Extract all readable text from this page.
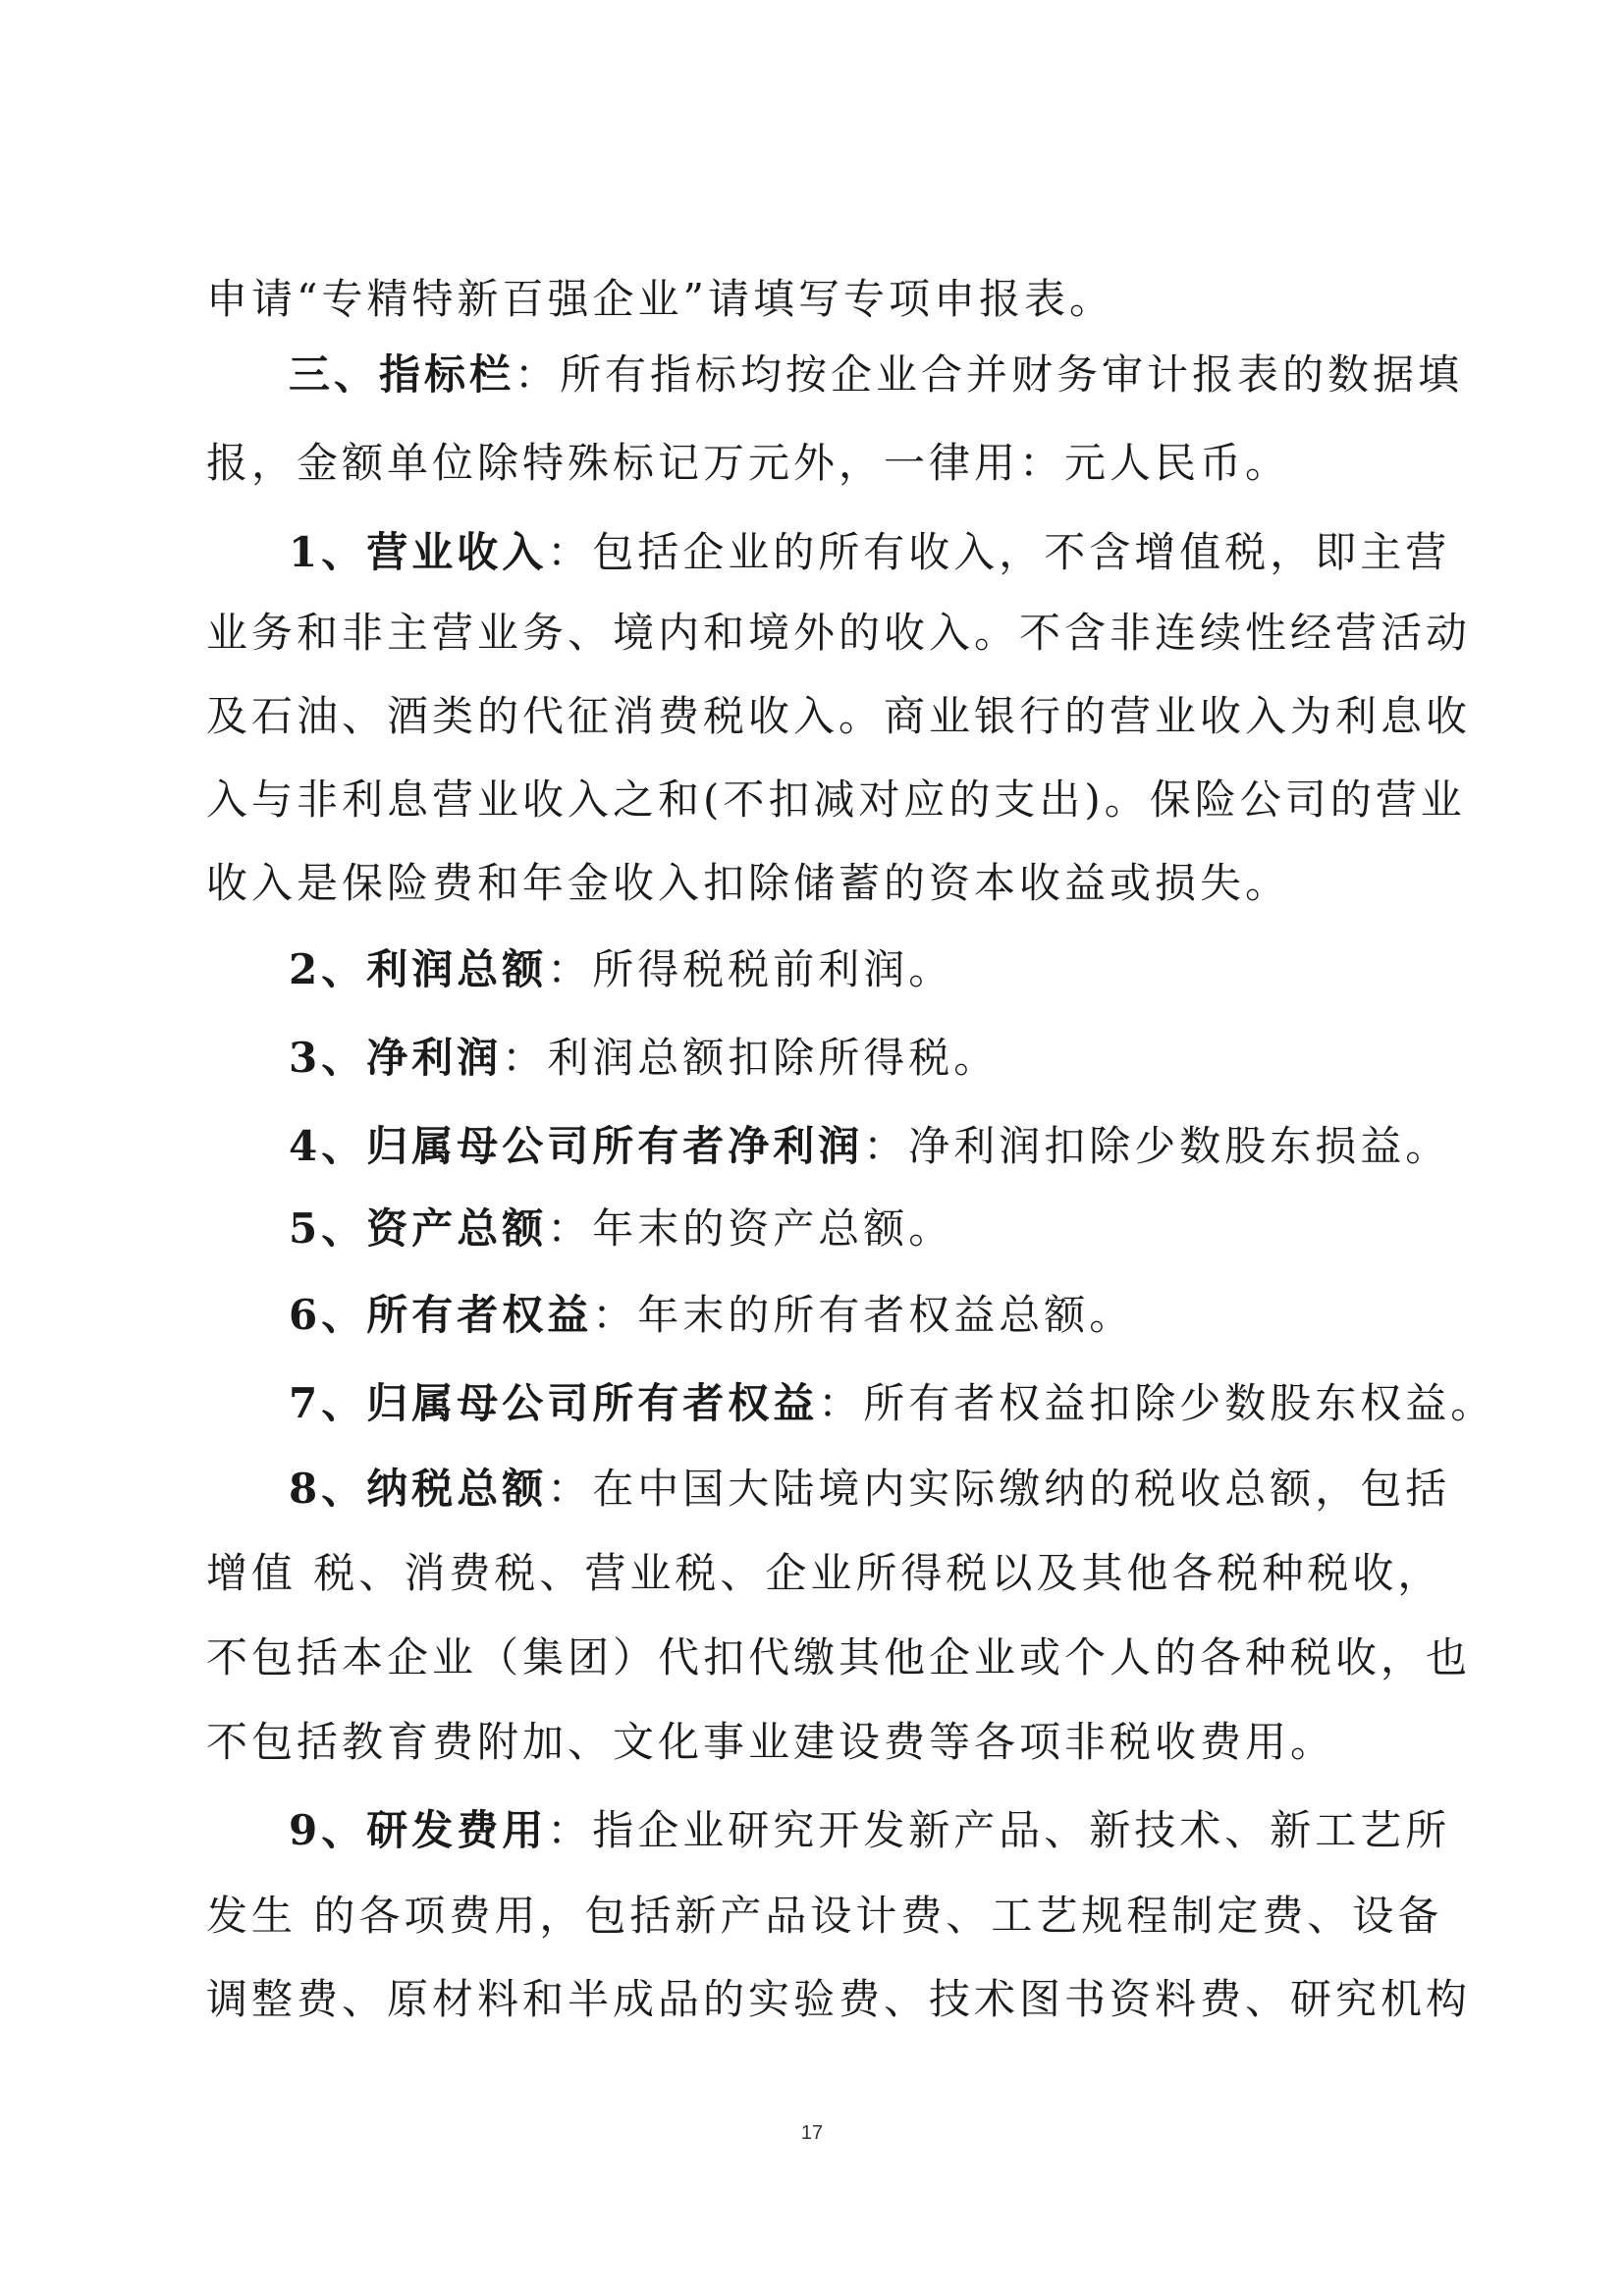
申请“专精特新百强企业”请填写专项申报表。
三、指标栏：所有指标均按企业合并财务审计报表的数据填
报，金额单位除特殊标记万元外，一律用：元人民币。
1、营业收入：包括企业的所有收入，不含增值税，即主营
业务和非主营业务、境内和境外的收入。不含非连续性经营活动
及石油、酒类的代征消费税收入。商业银行的营业收入为利息收
入与非利息营业收入之和(不扣减对应的支出)。保险公司的营业
收入是保险费和年金收入扣除储蓄的资本收益或损失。
2、利润总额：所得税税前利润。
3、净利润：利润总额扣除所得税。
4、归属母公司所有者净利润：净利润扣除少数股东损益。
5、资产总额：年末的资产总额。
6、所有者权益：年末的所有者权益总额。
7、归属母公司所有者权益：所有者权益扣除少数股东权益。
8、纳税总额：在中国大陆境内实际缴纳的税收总额，包括
增值 税、消费税、营业税、企业所得税以及其他各税种税收，
不包括本企业（集团）代扣代缴其他企业或个人的各种税收，也
不包括教育费附加、文化事业建设费等各项非税收费用。
9、研发费用：指企业研究开发新产品、新技术、新工艺所
发生 的各项费用，包括新产品设计费、工艺规程制定费、设备
调整费、原材料和半成品的实验费、技术图书资料费、研究机构
17
